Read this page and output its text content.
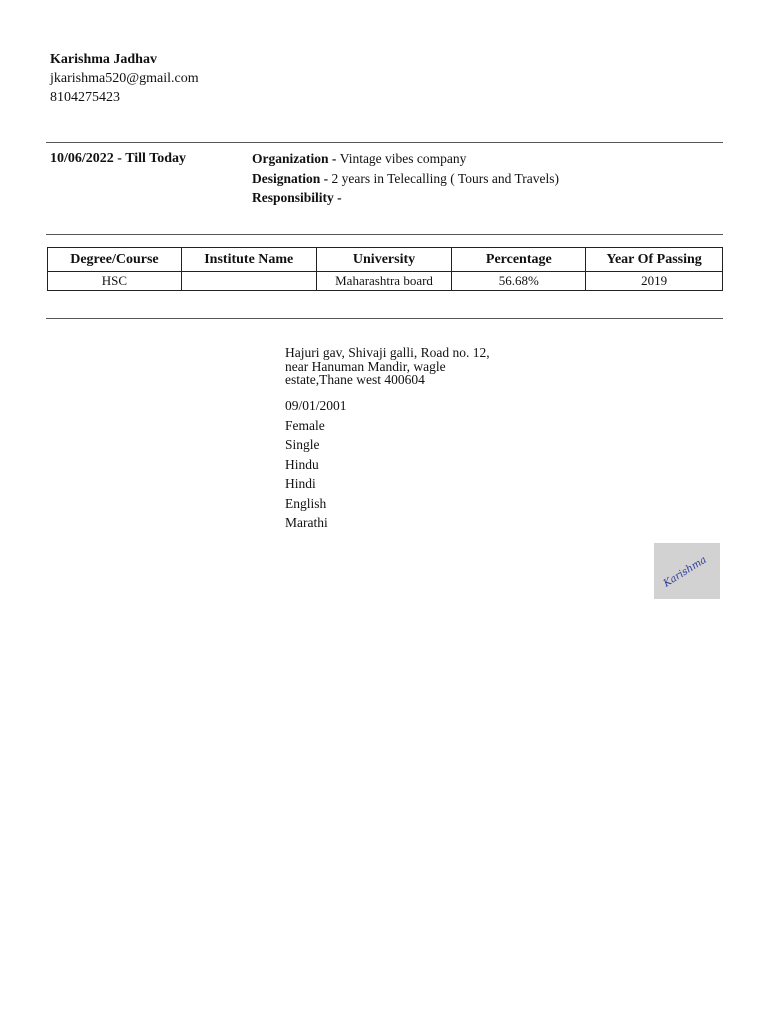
Karishma Jadhav
jkarishma520@gmail.com
8104275423
10/06/2022 - Till Today	Organization - Vintage vibes company
Designation - 2 years in Telecalling ( Tours and Travels)
Responsibility -
Degree/Course	Institute Name	University	Percentage	Year Of Passing
HSC		Maharashtra board	56.68%	2019
Hajuri gav, Shivaji galli, Road no. 12,
near Hanuman Mandir, wagle
estate,Thane west 400604
09/01/2001
Female
Single
Hindu
Hindi
English
Marathi
Karishma
